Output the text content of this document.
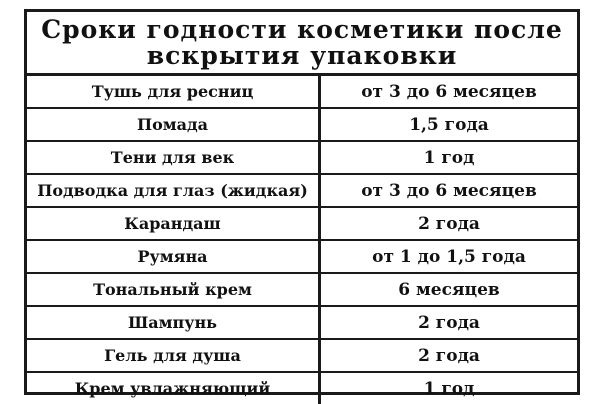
Сроки годности косметики после
вскрытия упаковки
Тушь для ресниц	от 3 до 6 месяцев
Помада	1,5 года
Тени для век	1 год
Подводка для глаз (жидкая)	от 3 до 6 месяцев
Карандаш	2 года
Румяна	от 1 до 1,5 года
Тональный крем	6 месяцев
Шампунь	2 года
Гель для душа	2 года
Крем увлажняющий	1 год
